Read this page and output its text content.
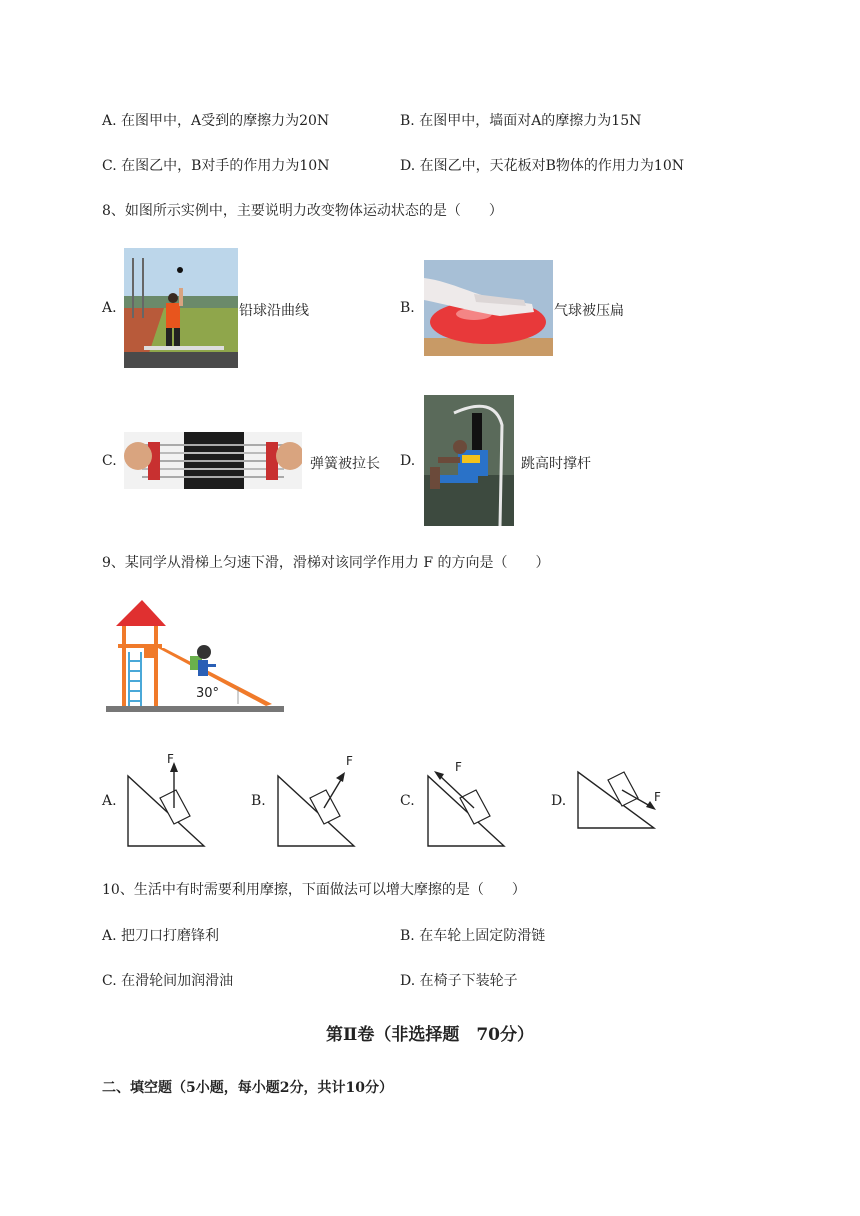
A. 在图甲中，A受到的摩擦力为20N	B. 在图甲中，墙面对A的摩擦力为15N
C. 在图乙中，B对手的作用力为10N	D. 在图乙中，天花板对B物体的作用力为10N
8、如图所示实例中，主要说明力改变物体运动状态的是（　　）
A.	铅球沿曲线	B.	气球被压扁
C.	弹簧被拉长 D.	跳高时撑杆
9、某同学从滑梯上匀速下滑，滑梯对该同学作用力 F 的方向是（　　）
30°
A.
F
B.
F
C.
F
D.	F
10、生活中有时需要利用摩擦，下面做法可以增大摩擦的是（　　）
A. 把刀口打磨锋利	B. 在车轮上固定防滑链
C. 在滑轮间加润滑油	D. 在椅子下装轮子
第Ⅱ卷（非选择题　70分）
二、填空题（5小题，每小题2分，共计10分）
